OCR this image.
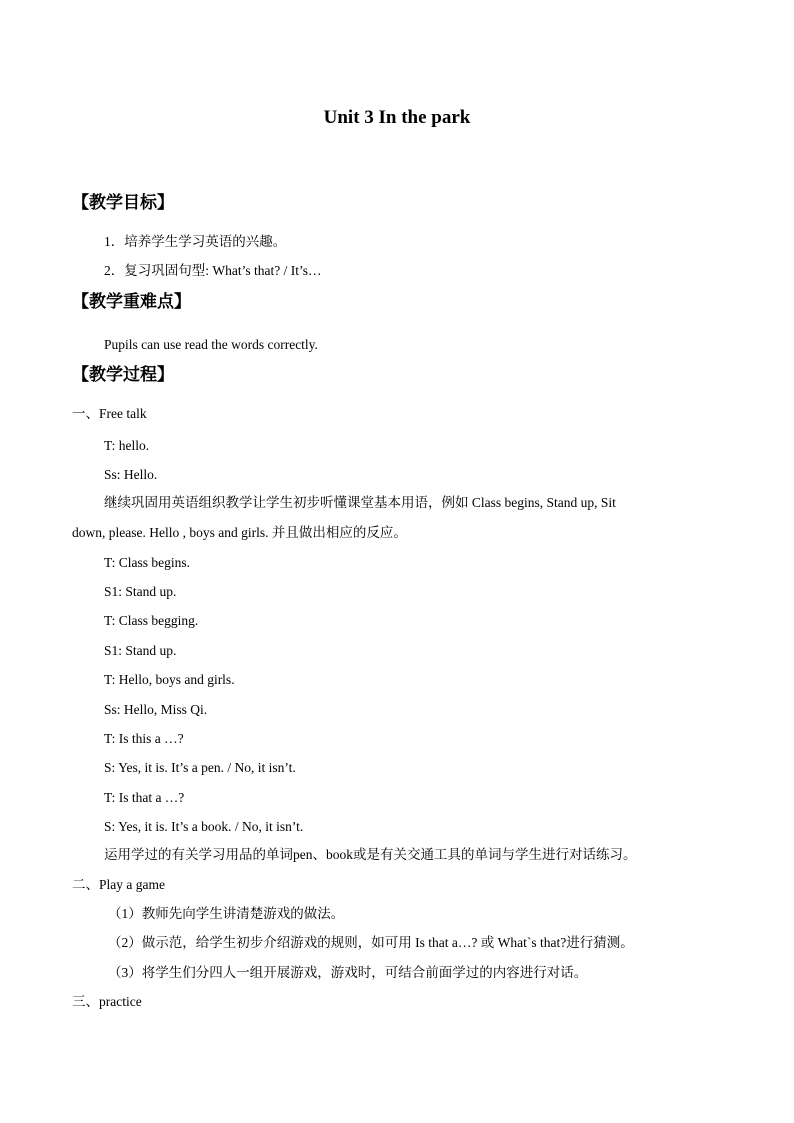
Unit 3 In the park
【教学目标】
1．培养学生学习英语的兴趣。
2．复习巩固句型: What’s that? / It’s…
【教学重难点】
Pupils can use read the words correctly.
【教学过程】
一、Free talk
T: hello.
Ss: Hello.
继续巩固用英语组织教学让学生初步听懂课堂基本用语，例如 Class begins, Stand up, Sit
down, please. Hello , boys and girls. 并且做出相应的反应。
T: Class begins.
S1: Stand up.
T: Class begging.
S1: Stand up.
T: Hello, boys and girls.
Ss: Hello, Miss Qi.
T: Is this a …?
S: Yes, it is. It’s a pen. / No, it isn’t.
T: Is that a …?
S: Yes, it is. It’s a book. / No, it isn’t.
运用学过的有关学习用品的单词pen、book或是有关交通工具的单词与学生进行对话练习。
二、Play a game
（1）教师先向学生讲清楚游戏的做法。
（2）做示范，给学生初步介绍游戏的规则，如可用 Is that a…? 或 What`s that?进行猜测。
（3）将学生们分四人一组开展游戏，游戏时，可结合前面学过的内容进行对话。
三、practice
